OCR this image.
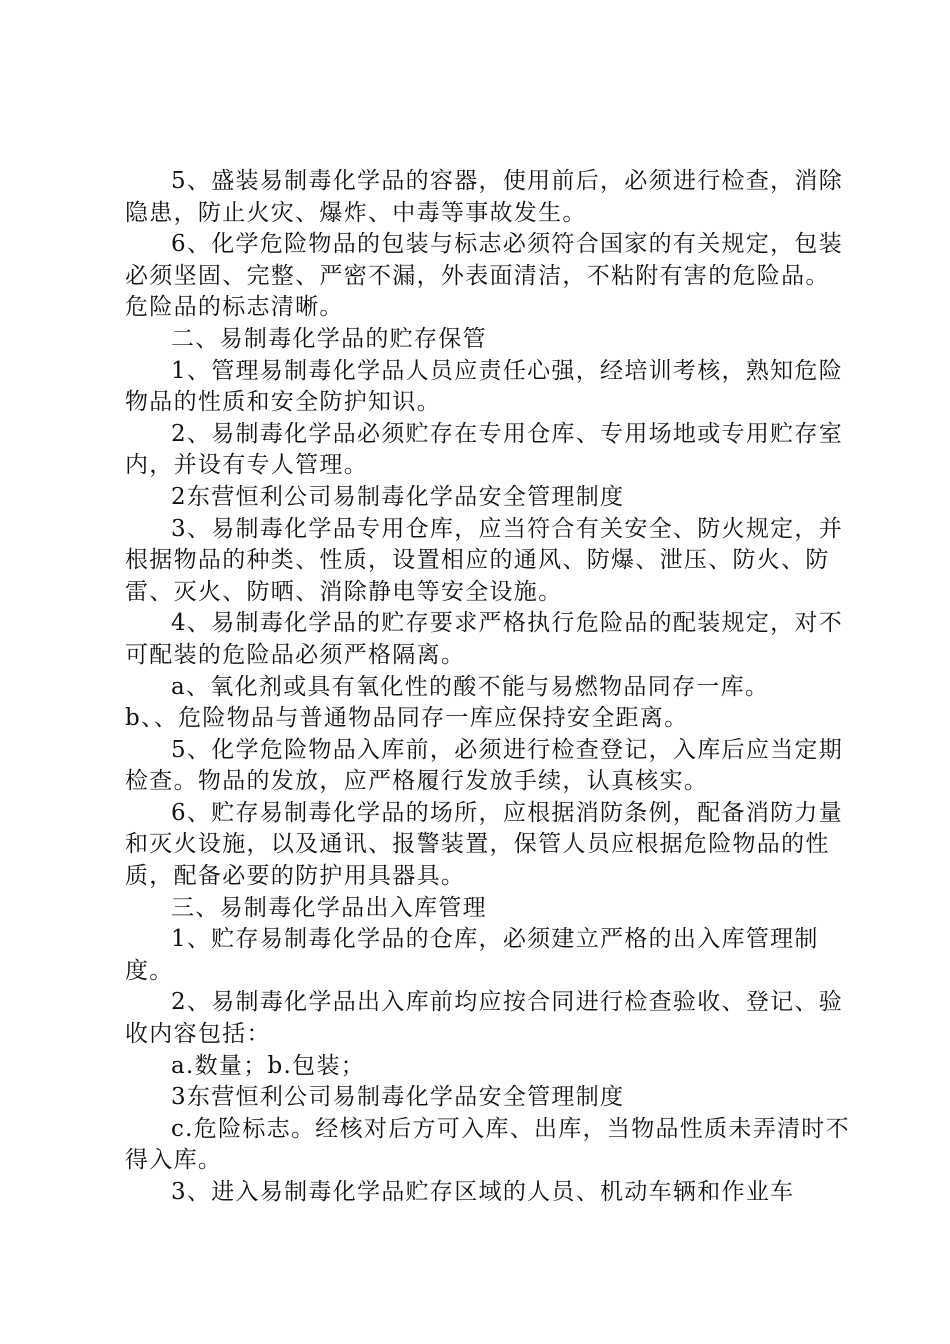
5、盛装易制毒化学品的容器，使用前后，必须进行检查，消除隐患，防止火灾、爆炸、中毒等事故发生。

6、化学危险物品的包装与标志必须符合国家的有关规定，包装必须坚固、完整、严密不漏，外表面清洁，不粘附有害的危险品。危险品的标志清晰。

二、易制毒化学品的贮存保管

1、管理易制毒化学品人员应责任心强，经培训考核，熟知危险物品的性质和安全防护知识。

2、易制毒化学品必须贮存在专用仓库、专用场地或专用贮存室内，并设有专人管理。

2东营恒利公司易制毒化学品安全管理制度

3、易制毒化学品专用仓库，应当符合有关安全、防火规定，并根据物品的种类、性质，设置相应的通风、防爆、泄压、防火、防雷、灭火、防晒、消除静电等安全设施。

4、易制毒化学品的贮存要求严格执行危险品的配装规定，对不可配装的危险品必须严格隔离。

a、氧化剂或具有氧化性的酸不能与易燃物品同存一库。

b、、危险物品与普通物品同存一库应保持安全距离。

5、化学危险物品入库前，必须进行检查登记，入库后应当定期检查。物品的发放，应严格履行发放手续，认真核实。

6、贮存易制毒化学品的场所，应根据消防条例，配备消防力量和灭火设施，以及通讯、报警装置，保管人员应根据危险物品的性质，配备必要的防护用具器具。

三、易制毒化学品出入库管理

1、贮存易制毒化学品的仓库，必须建立严格的出入库管理制度。

2、易制毒化学品出入库前均应按合同进行检查验收、登记、验收内容包括：

a.数量；b.包装；

3东营恒利公司易制毒化学品安全管理制度

c.危险标志。经核对后方可入库、出库，当物品性质未弄清时不得入库。

3、进入易制毒化学品贮存区域的人员、机动车辆和作业车
